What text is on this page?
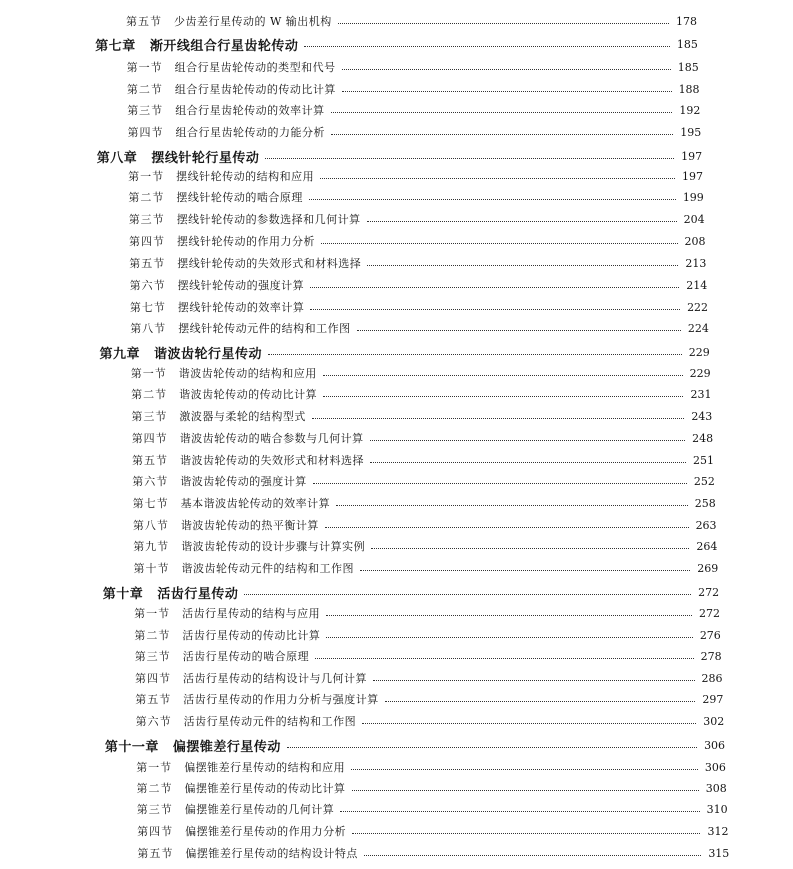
第五节 少齿差行星传动的 W 输出机构	178
第七章 渐开线组合行星齿轮传动	185
第一节 组合行星齿轮传动的类型和代号	185
第二节 组合行星齿轮传动的传动比计算	188
第三节 组合行星齿轮传动的效率计算	192
第四节 组合行星齿轮传动的力能分析	195
第八章 摆线针轮行星传动	197
第一节 摆线针轮传动的结构和应用	197
第二节 摆线针轮传动的啮合原理	199
第三节 摆线针轮传动的参数选择和几何计算	204
第四节 摆线针轮传动的作用力分析	208
第五节 摆线针轮传动的失效形式和材料选择	213
第六节 摆线针轮传动的强度计算	214
第七节 摆线针轮传动的效率计算	222
第八节 摆线针轮传动元件的结构和工作图	224
第九章 谐波齿轮行星传动	229
第一节 谐波齿轮传动的结构和应用	229
第二节 谐波齿轮传动的传动比计算	231
第三节 激波器与柔轮的结构型式	243
第四节 谐波齿轮传动的啮合参数与几何计算	248
第五节 谐波齿轮传动的失效形式和材料选择	251
第六节 谐波齿轮传动的强度计算	252
第七节 基本谐波齿轮传动的效率计算	258
第八节 谐波齿轮传动的热平衡计算	263
第九节 谐波齿轮传动的设计步骤与计算实例	264
第十节 谐波齿轮传动元件的结构和工作图	269
第十章 活齿行星传动	272
第一节 活齿行星传动的结构与应用	272
第二节 活齿行星传动的传动比计算	276
第三节 活齿行星传动的啮合原理	278
第四节 活齿行星传动的结构设计与几何计算	286
第五节 活齿行星传动的作用力分析与强度计算	297
第六节 活齿行星传动元件的结构和工作图	302
第十一章 偏摆锥差行星传动	306
第一节 偏摆锥差行星传动的结构和应用	306
第二节 偏摆锥差行星传动的传动比计算	308
第三节 偏摆锥差行星传动的几何计算	310
第四节 偏摆锥差行星传动的作用力分析	312
第五节 偏摆锥差行星传动的结构设计特点	315
